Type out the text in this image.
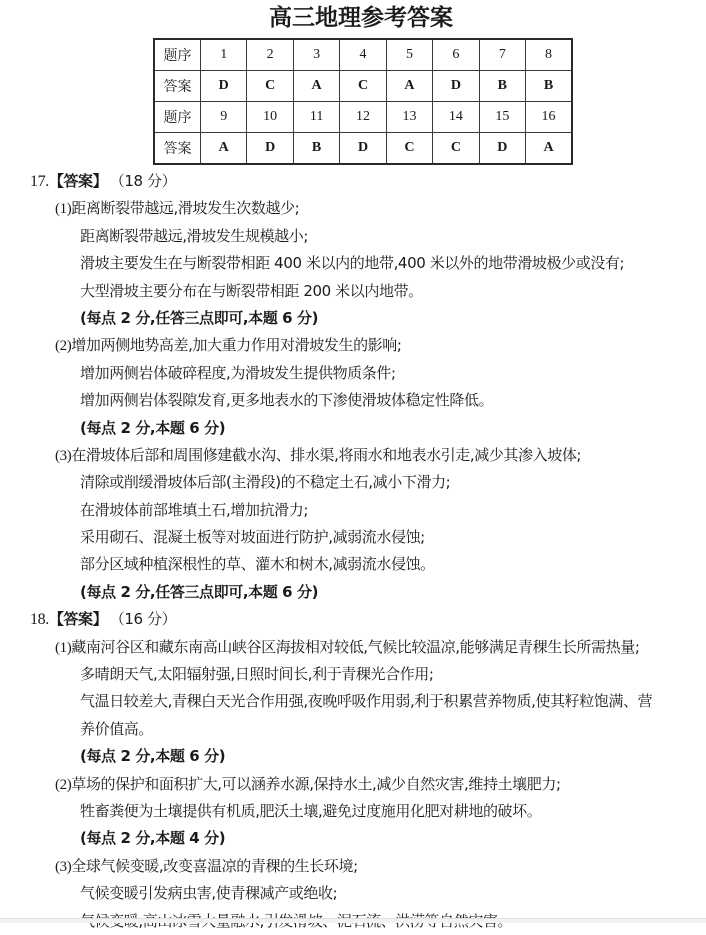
高三地理参考答案
题序	1	2	3	4	5	6	7	8
答案	D	C	A	C	A	D	B	B
题序	9	10	11	12	13	14	15	16
答案	A	D	B	D	C	C	D	A
17.【答案】 （18 分）
(1)距离断裂带越远,滑坡发生次数越少;
距离断裂带越远,滑坡发生规模越小;
滑坡主要发生在与断裂带相距 400 米以内的地带,400 米以外的地带滑坡极少或没有;
大型滑坡主要分布在与断裂带相距 200 米以内地带。
(每点 2 分,任答三点即可,本题 6 分)
(2)增加两侧地势高差,加大重力作用对滑坡发生的影响;
增加两侧岩体破碎程度,为滑坡发生提供物质条件;
增加两侧岩体裂隙发育,更多地表水的下渗使滑坡体稳定性降低。
(每点 2 分,本题 6 分)
(3)在滑坡体后部和周围修建截水沟、排水渠,将雨水和地表水引走,减少其渗入坡体;
清除或削缓滑坡体后部(主滑段)的不稳定土石,减小下滑力;
在滑坡体前部堆填土石,增加抗滑力;
采用砌石、混凝土板等对坡面进行防护,减弱流水侵蚀;
部分区域种植深根性的草、灌木和树木,减弱流水侵蚀。
(每点 2 分,任答三点即可,本题 6 分)
18.【答案】 （16 分）
(1)藏南河谷区和藏东南高山峡谷区海拔相对较低,气候比较温凉,能够满足青稞生长所需热量;
多晴朗天气,太阳辐射强,日照时间长,利于青稞光合作用;
气温日较差大,青稞白天光合作用强,夜晚呼吸作用弱,利于积累营养物质,使其籽粒饱满、营
养价值高。
(每点 2 分,本题 6 分)
(2)草场的保护和面积扩大,可以涵养水源,保持水土,减少自然灾害,维持土壤肥力;
牲畜粪便为土壤提供有机质,肥沃土壤,避免过度施用化肥对耕地的破坏。
(每点 2 分,本题 4 分)
(3)全球气候变暖,改变喜温凉的青稞的生长环境;
气候变暖引发病虫害,使青稞减产或绝收;
